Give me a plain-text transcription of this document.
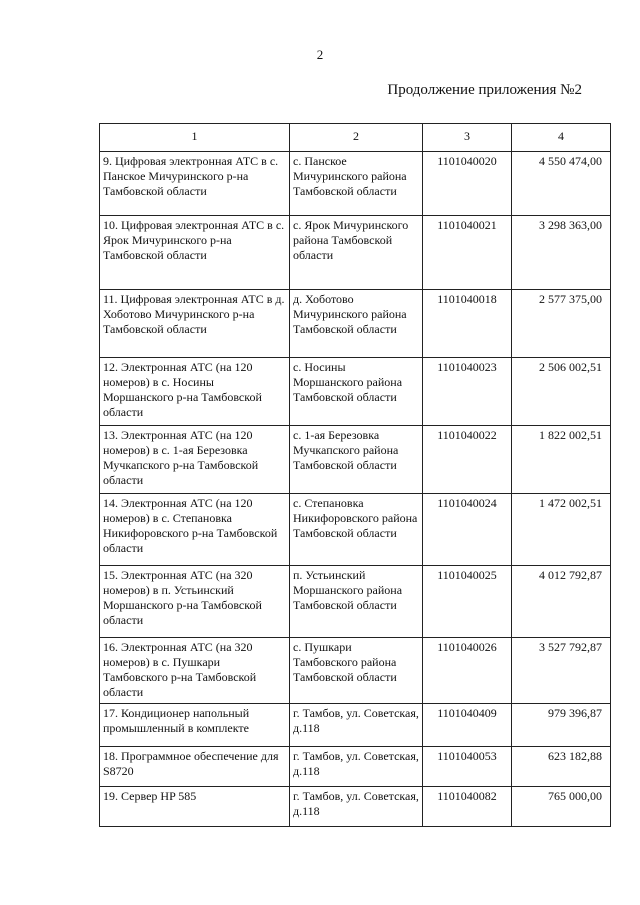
2
Продолжение приложения №2
1	2	3	4
9. Цифровая электронная АТС в с. Панское Мичуринского р-на Тамбовской области	с. Панское Мичуринского района Тамбовской области	1101040020	4 550 474,00
10. Цифровая электронная АТС в с. Ярок Мичуринского р-на Тамбовской области	с. Ярок Мичуринского района Тамбовской области	1101040021	3 298 363,00
11. Цифровая электронная АТС в д. Хоботово Мичуринского р-на Тамбовской области	д. Хоботово Мичуринского района Тамбовской области	1101040018	2 577 375,00
12. Электронная АТС (на 120 номеров) в с. Носины Моршанского р-на Тамбовской области	с. Носины Моршанского района Тамбовской области	1101040023	2 506 002,51
13. Электронная АТС (на 120 номеров) в с. 1-ая Березовка Мучкапского р-на Тамбовской области	с. 1-ая Березовка Мучкапского района Тамбовской области	1101040022	1 822 002,51
14. Электронная АТС (на 120 номеров) в с. Степановка Никифоровского р-на Тамбовской области	с. Степановка Никифоровского района Тамбовской области	1101040024	1 472 002,51
15. Электронная АТС (на 320 номеров) в п. Устьинский Моршанского р-на Тамбовской области	п. Устьинский Моршанского района Тамбовской области	1101040025	4 012 792,87
16. Электронная АТС (на 320 номеров) в с. Пушкари Тамбовского р-на Тамбовской области	с. Пушкари Тамбовского района Тамбовской области	1101040026	3 527 792,87
17. Кондиционер напольный промышленный в комплекте	г. Тамбов, ул. Советская, д.118	1101040409	979 396,87
18. Программное обеспечение для S8720	г. Тамбов, ул. Советская, д.118	1101040053	623 182,88
19. Сервер HP 585	г. Тамбов, ул. Советская, д.118	1101040082	765 000,00
